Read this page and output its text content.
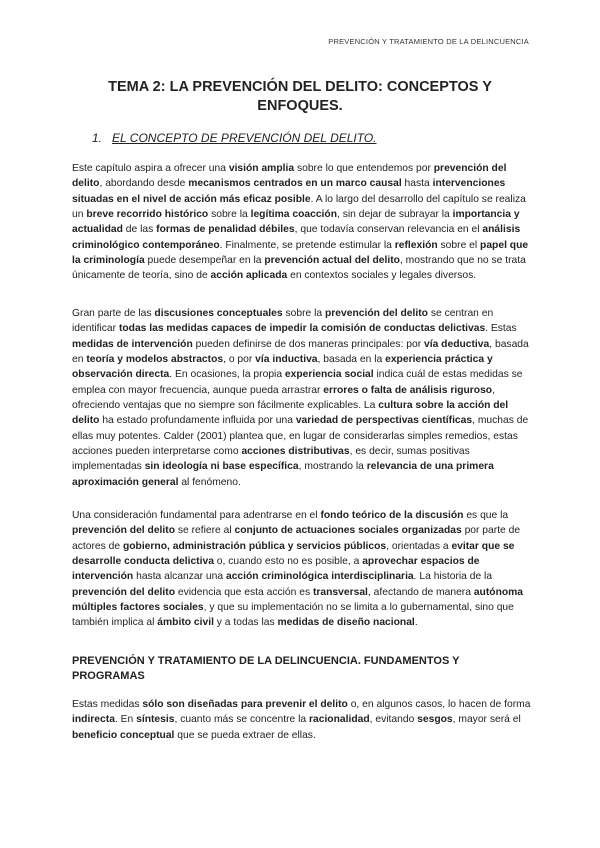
PREVENCIÓN Y TRATAMIENTO DE LA DELINCUENCIA
TEMA 2: LA PREVENCIÓN DEL DELITO: CONCEPTOS Y ENFOQUES.
1. EL CONCEPTO DE PREVENCIÓN DEL DELITO.
Este capítulo aspira a ofrecer una visión amplia sobre lo que entendemos por prevención del delito, abordando desde mecanismos centrados en un marco causal hasta intervenciones situadas en el nivel de acción más eficaz posible. A lo largo del desarrollo del capítulo se realiza un breve recorrido histórico sobre la legítima coacción, sin dejar de subrayar la importancia y actualidad de las formas de penalidad débiles, que todavía conservan relevancia en el análisis criminológico contemporáneo. Finalmente, se pretende estimular la reflexión sobre el papel que la criminología puede desempeñar en la prevención actual del delito, mostrando que no se trata únicamente de teoría, sino de acción aplicada en contextos sociales y legales diversos.
Gran parte de las discusiones conceptuales sobre la prevención del delito se centran en identificar todas las medidas capaces de impedir la comisión de conductas delictivas. Estas medidas de intervención pueden definirse de dos maneras principales: por vía deductiva, basada en teoría y modelos abstractos, o por vía inductiva, basada en la experiencia práctica y observación directa. En ocasiones, la propia experiencia social indica cuál de estas medidas se emplea con mayor frecuencia, aunque pueda arrastrar errores o falta de análisis riguroso, ofreciendo ventajas que no siempre son fácilmente explicables. La cultura sobre la acción del delito ha estado profundamente influida por una variedad de perspectivas científicas, muchas de ellas muy potentes. Calder (2001) plantea que, en lugar de considerarlas simples remedios, estas acciones pueden interpretarse como acciones distributivas, es decir, sumas positivas implementadas sin ideología ni base específica, mostrando la relevancia de una primera aproximación general al fenómeno.
Una consideración fundamental para adentrarse en el fondo teórico de la discusión es que la prevención del delito se refiere al conjunto de actuaciones sociales organizadas por parte de actores de gobierno, administración pública y servicios públicos, orientadas a evitar que se desarrolle conducta delictiva o, cuando esto no es posible, a aprovechar espacios de intervención hasta alcanzar una acción criminológica interdisciplinaria. La historia de la prevención del delito evidencia que esta acción es transversal, afectando de manera autónoma múltiples factores sociales, y que su implementación no se limita a lo gubernamental, sino que también implica al ámbito civil y a todas las medidas de diseño nacional.
PREVENCIÓN Y TRATAMIENTO DE LA DELINCUENCIA. FUNDAMENTOS Y PROGRAMAS
Estas medidas sólo son diseñadas para prevenir el delito o, en algunos casos, lo hacen de forma indirecta. En síntesis, cuanto más se concentre la racionalidad, evitando sesgos, mayor será el beneficio conceptual que se pueda extraer de ellas.
